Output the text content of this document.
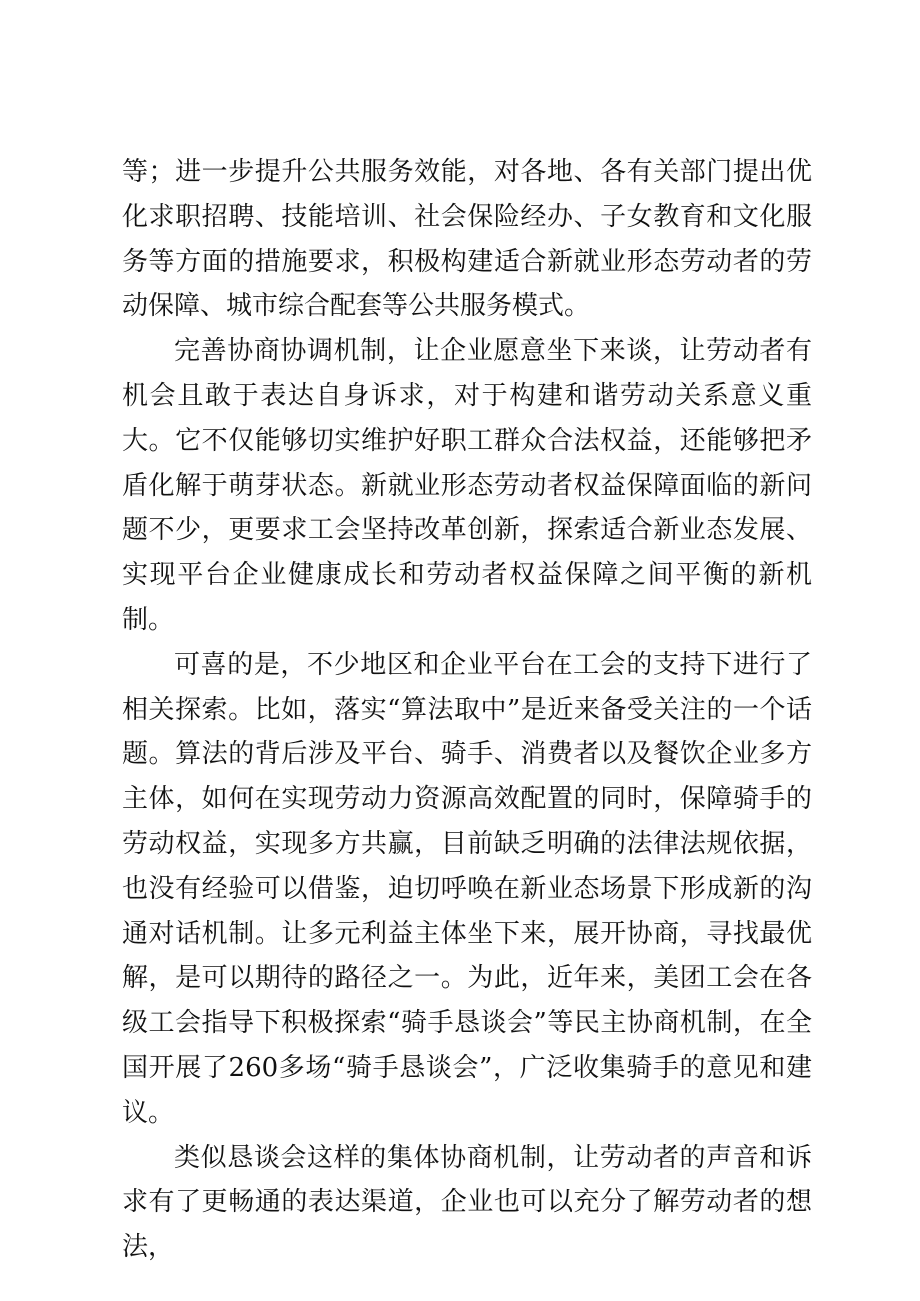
等；进一步提升公共服务效能，对各地、各有关部门提出优化求职招聘、技能培训、社会保险经办、子女教育和文化服务等方面的措施要求，积极构建适合新就业形态劳动者的劳动保障、城市综合配套等公共服务模式。

完善协商协调机制，让企业愿意坐下来谈，让劳动者有机会且敢于表达自身诉求，对于构建和谐劳动关系意义重大。它不仅能够切实维护好职工群众合法权益，还能够把矛盾化解于萌芽状态。新就业形态劳动者权益保障面临的新问题不少，更要求工会坚持改革创新，探索适合新业态发展、实现平台企业健康成长和劳动者权益保障之间平衡的新机制。

可喜的是，不少地区和企业平台在工会的支持下进行了相关探索。比如，落实“算法取中”是近来备受关注的一个话题。算法的背后涉及平台、骑手、消费者以及餐饮企业多方主体，如何在实现劳动力资源高效配置的同时，保障骑手的劳动权益，实现多方共赢，目前缺乏明确的法律法规依据，也没有经验可以借鉴，迫切呼唤在新业态场景下形成新的沟通对话机制。让多元利益主体坐下来，展开协商，寻找最优解，是可以期待的路径之一。为此，近年来，美团工会在各级工会指导下积极探索“骑手恳谈会”等民主协商机制，在全国开展了260多场“骑手恳谈会”，广泛收集骑手的意见和建议。

类似恳谈会这样的集体协商机制，让劳动者的声音和诉求有了更畅通的表达渠道，企业也可以充分了解劳动者的想法，
